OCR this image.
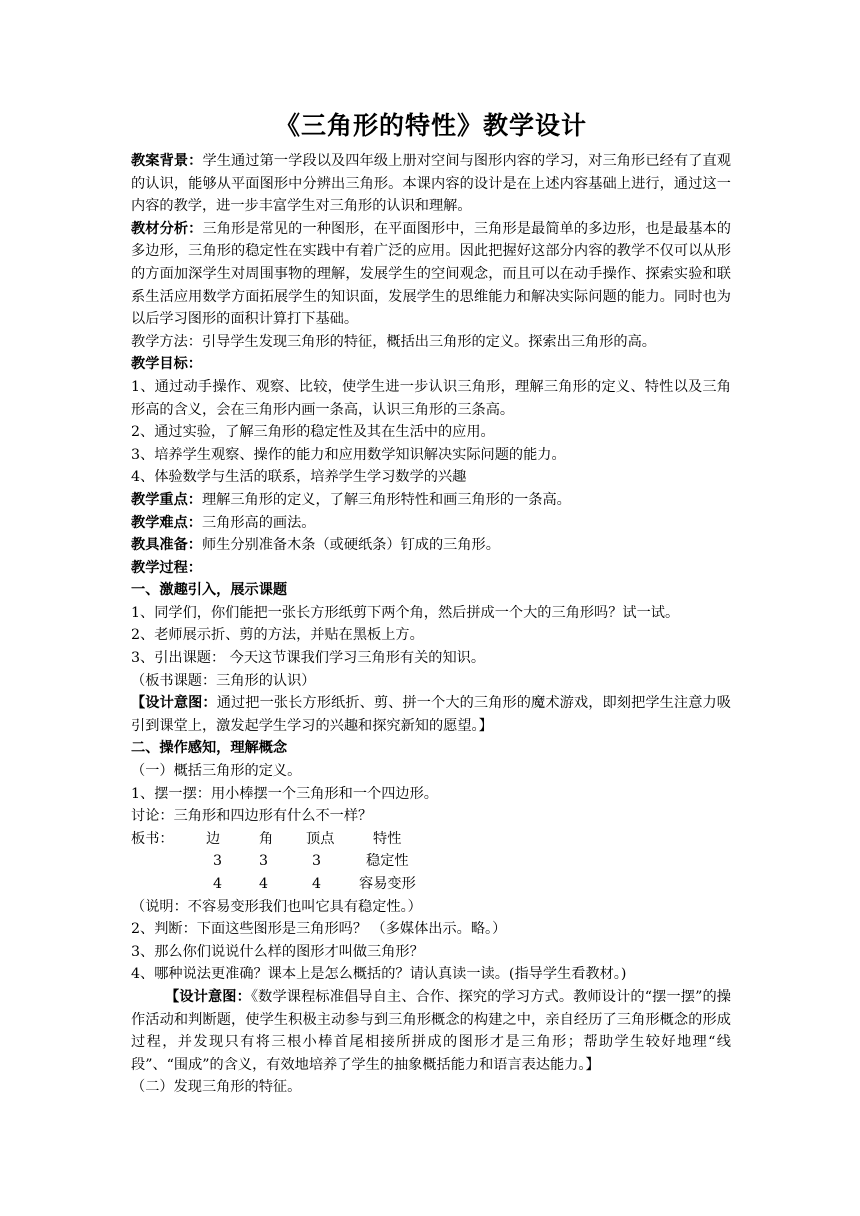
《三角形的特性》教学设计

教案背景：学生通过第一学段以及四年级上册对空间与图形内容的学习，对三角形已经有了直观的认识，能够从平面图形中分辨出三角形。本课内容的设计是在上述内容基础上进行，通过这一内容的教学，进一步丰富学生对三角形的认识和理解。

教材分析：三角形是常见的一种图形，在平面图形中，三角形是最简单的多边形，也是最基本的多边形，三角形的稳定性在实践中有着广泛的应用。因此把握好这部分内容的教学不仅可以从形的方面加深学生对周围事物的理解，发展学生的空间观念，而且可以在动手操作、探索实验和联系生活应用数学方面拓展学生的知识面，发展学生的思维能力和解决实际问题的能力。同时也为以后学习图形的面积计算打下基础。

教学方法：引导学生发现三角形的特征，概括出三角形的定义。探索出三角形的高。

教学目标：

1、通过动手操作、观察、比较，使学生进一步认识三角形，理解三角形的定义、特性以及三角形高的含义，会在三角形内画一条高，认识三角形的三条高。

2、通过实验，了解三角形的稳定性及其在生活中的应用。

3、培养学生观察、操作的能力和应用数学知识解决实际问题的能力。

4、体验数学与生活的联系，培养学生学习数学的兴趣

教学重点：理解三角形的定义，了解三角形特性和画三角形的一条高。

教学难点：三角形高的画法。

教具准备：师生分别准备木条（或硬纸条）钉成的三角形。

教学过程：

一、激趣引入，展示课题

1、同学们，你们能把一张长方形纸剪下两个角，然后拼成一个大的三角形吗？试一试。

2、老师展示折、剪的方法，并贴在黑板上方。

3、引出课题： 今天这节课我们学习三角形有关的知识。

（板书课题：三角形的认识）

【设计意图：通过把一张长方形纸折、剪、拼一个大的三角形的魔术游戏，即刻把学生注意力吸引到课堂上，激发起学生学习的兴趣和探究新知的愿望。】

二、操作感知，理解概念

（一）概括三角形的定义。

1、摆一摆：用小棒摆一个三角形和一个四边形。

讨论：三角形和四边形有什么不一样？

板书： 边	角 顶点	特性
3	3	3	稳定性
4	4	4	容易变形

（说明：不容易变形我们也叫它具有稳定性。）

2、判断：下面这些图形是三角形吗？ （多媒体出示。略。）

3、那么你们说说什么样的图形才叫做三角形？

4、哪种说法更准确？课本上是怎么概括的？请认真读一读。(指导学生看教材。)

【设计意图：《数学课程标准倡导自主、合作、探究的学习方式。教师设计的“摆一摆”的操作活动和判断题，使学生积极主动参与到三角形概念的构建之中，亲自经历了三角形概念的形成过程，并发现只有将三根小棒首尾相接所拼成的图形才是三角形；帮助学生较好地理“线段”、“围成”的含义，有效地培养了学生的抽象概括能力和语言表达能力。】

（二）发现三角形的特征。
